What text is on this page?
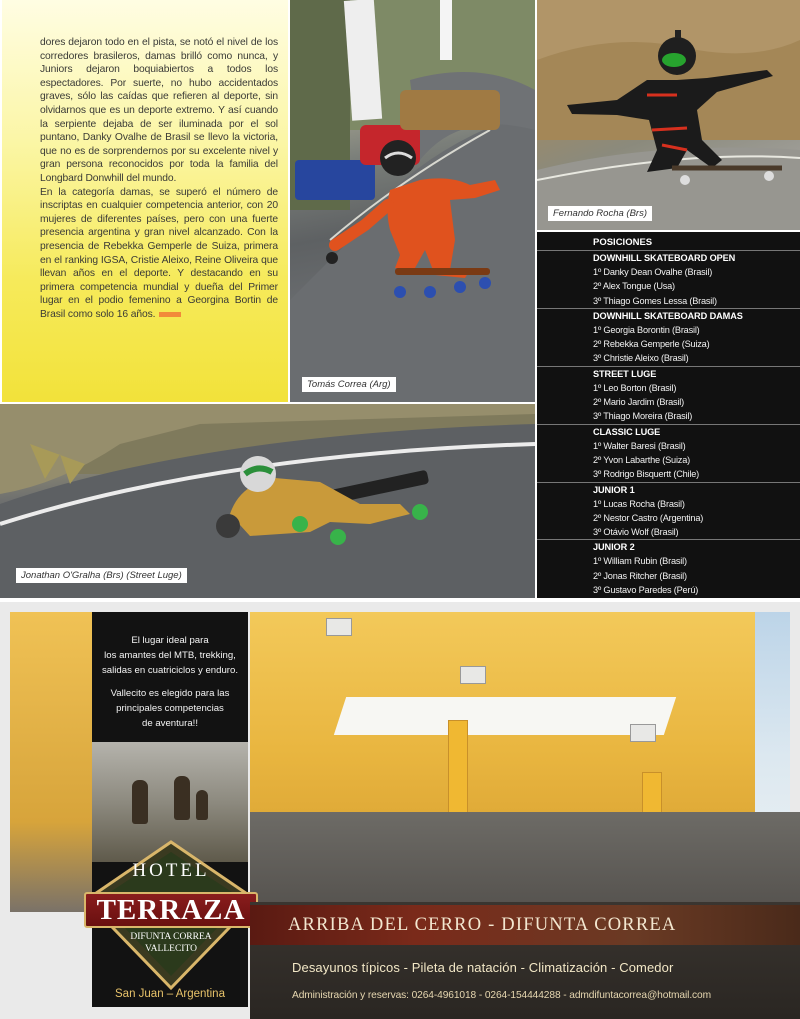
dores dejaron todo en el pista, se notó el nivel de los corredores brasileros, damas brilló como nunca, y Juniors dejaron boquiabiertos a todos los espectadores. Por suerte, no hubo accidentados graves, sólo las caídas que refieren al deporte, sin olvidarnos que es un deporte extremo. Y así cuando la serpiente dejaba de ser iluminada por el sol puntano, Danky Ovalhe de Brasil se llevo la victoria, que no es de sorprendernos por su excelente nivel y gran persona reconocidos por toda la familia del Longbard Donwhill del mundo.

En la categoría damas, se superó el número de inscriptas en cualquier competencia anterior, con 20 mujeres de diferentes países, pero con una fuerte presencia argentina y gran nivel alcanzado. Con la presencia de Rebekka Gemperle de Suiza, primera en el ranking IGSA, Cristie Aleixo, Reine Oliveira que llevan años en el deporte. Y destacando en su primera competencia mundial y dueña del Primer lugar en el podio femenino a Georgina Bortin de Brasil como solo 16 años.

Tomás Correa (Arg)
Fernando Rocha (Brs)
Jonathan O'Gralha (Brs) (Street Luge)
POSICIONES
DOWNHILL SKATEBOARD OPEN
1º Danky Dean Ovalhe (Brasil)
2º Alex Tongue (Usa)
3º Thiago Gomes Lessa (Brasil)
DOWNHILL SKATEBOARD DAMAS
1º Georgia Borontin (Brasil)
2º Rebekka Gemperle (Suiza)
3º Christie Aleixo (Brasil)
STREET LUGE
1º Leo Borton (Brasil)
2º Mario Jardim (Brasil)
3º Thiago Moreira (Brasil)
CLASSIC LUGE
1º Walter Baresi (Brasil)
2º Yvon Labarthe (Suiza)
3º Rodrigo Bisquertt (Chile)
JUNIOR 1
1º Lucas Rocha (Brasil)
2º Nestor Castro (Argentina)
3º Otávio Wolf (Brasil)
JUNIOR 2
1º William Rubin (Brasil)
2º Jonas Ritcher (Brasil)
3º Gustavo Paredes (Perú)
El lugar ideal para
los amantes del MTB, trekking,
salidas en cuatriciclos y enduro.
Vallecito es elegido para las
principales competencias
de aventura!!
HOTEL
TERRAZA
DIFUNTA CORREA
VALLECITO
San Juan – Argentina
ARRIBA DEL CERRO - DIFUNTA CORREA
Desayunos típicos - Pileta de natación - Climatización - Comedor
Administración y reservas: 0264-4961018 - 0264-154444288 - admdifuntacorrea@hotmail.com
